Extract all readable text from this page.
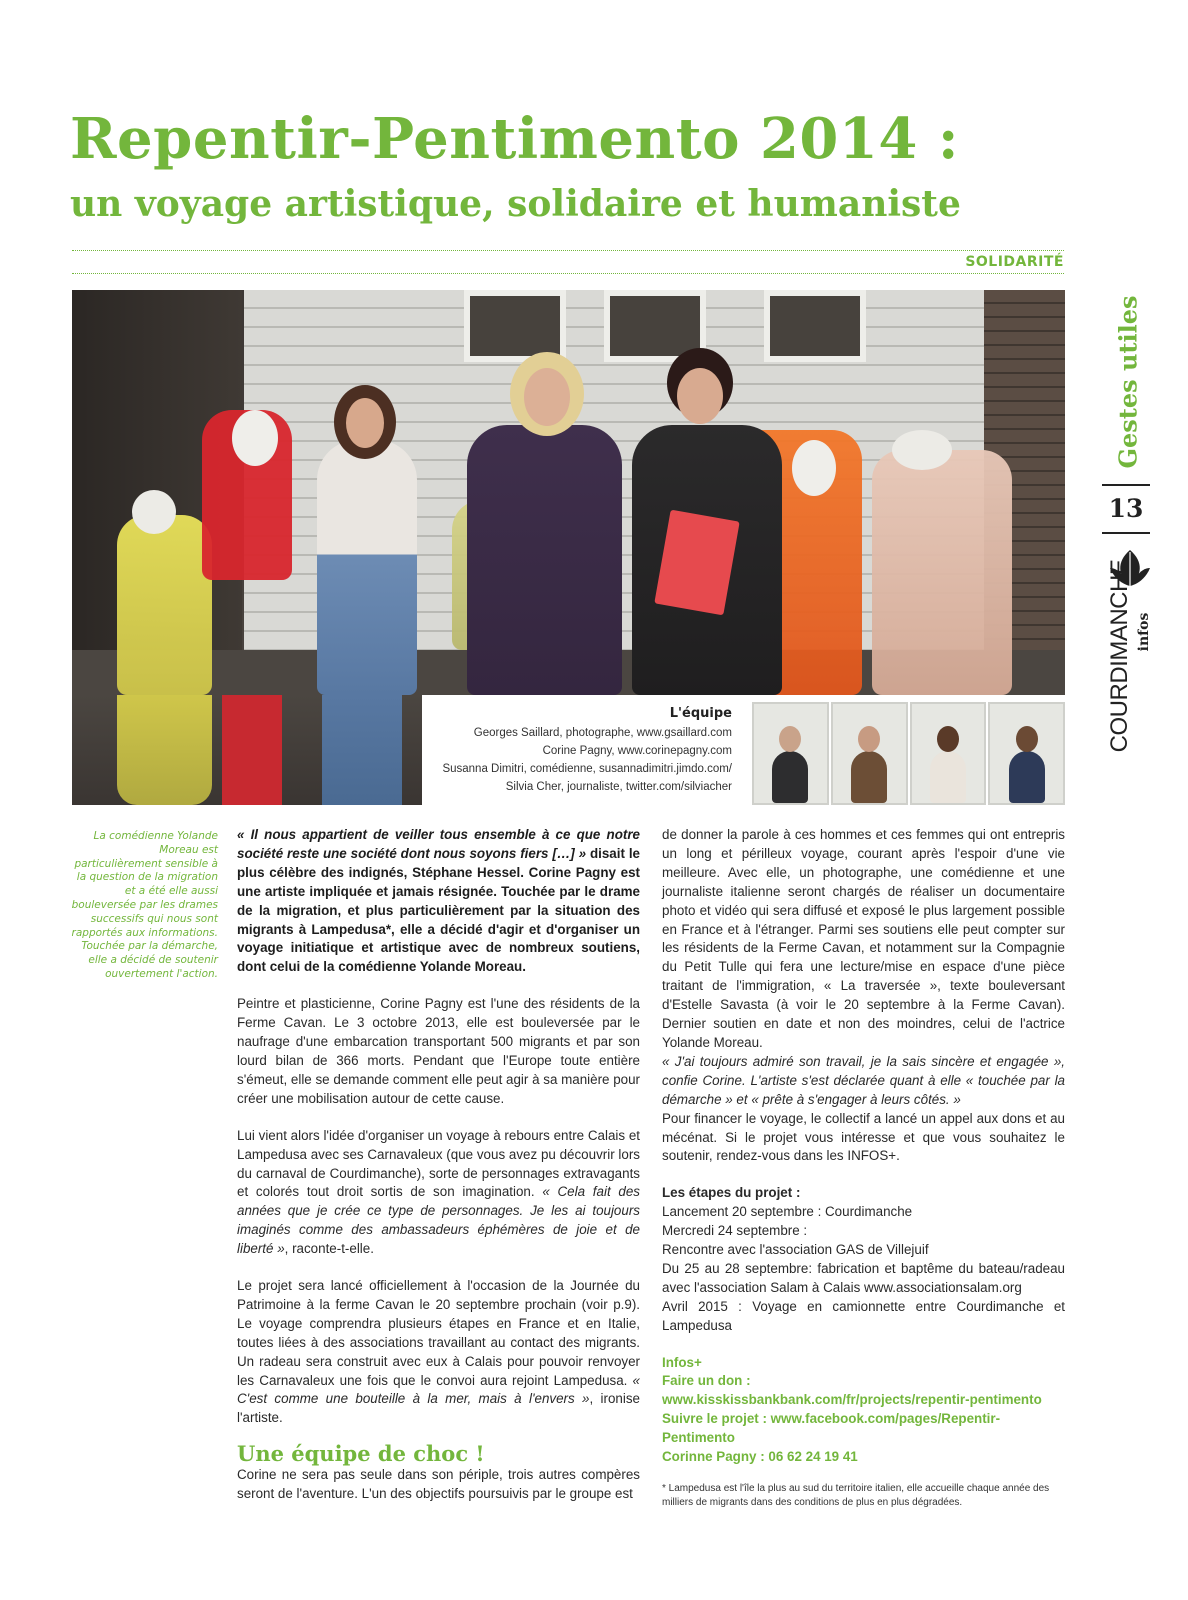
Repentir-Pentimento 2014 :
un voyage artistique, solidaire et humaniste
SOLIDARITÉ
Gestes utiles
13
COURDIMANCHE infos
L'équipe
Georges Saillard, photographe, www.gsaillard.com
Corine Pagny, www.corinepagny.com
Susanna Dimitri, comédienne, susannadimitri.jimdo.com/
Silvia Cher, journaliste, twitter.com/silviacher
La comédienne Yolande Moreau est particulièrement sensible à la question de la migration et a été elle aussi bouleversée par les drames successifs qui nous sont rapportés aux informations. Touchée par la démarche, elle a décidé de soutenir ouvertement l'action.

« Il nous appartient de veiller tous ensemble à ce que notre société reste une société dont nous soyons fiers […] » disait le plus célèbre des indignés, Stéphane Hessel. Corine Pagny est une artiste impliquée et jamais résignée. Touchée par le drame de la migration, et plus particulièrement par la situation des migrants à Lampedusa*, elle a décidé d'agir et d'organiser un voyage initiatique et artistique avec de nombreux soutiens, dont celui de la comédienne Yolande Moreau.

Peintre et plasticienne, Corine Pagny est l'une des résidents de la Ferme Cavan. Le 3 octobre 2013, elle est bouleversée par le naufrage d'une embarcation transportant 500 migrants et par son lourd bilan de 366 morts. Pendant que l'Europe toute entière s'émeut, elle se demande comment elle peut agir à sa manière pour créer une mobilisation autour de cette cause.

Lui vient alors l'idée d'organiser un voyage à rebours entre Calais et Lampedusa avec ses Carnavaleux (que vous avez pu découvrir lors du carnaval de Courdimanche), sorte de personnages extravagants et colorés tout droit sortis de son imagination. « Cela fait des années que je crée ce type de personnages. Je les ai toujours imaginés comme des ambassadeurs éphémères de joie et de liberté », raconte-t-elle.

Le projet sera lancé officiellement à l'occasion de la Journée du Patrimoine à la ferme Cavan le 20 septembre prochain (voir p.9). Le voyage comprendra plusieurs étapes en France et en Italie, toutes liées à des associations travaillant au contact des migrants. Un radeau sera construit avec eux à Calais pour pouvoir renvoyer les Carnavaleux une fois que le convoi aura rejoint Lampedusa. « C'est comme une bouteille à la mer, mais à l'envers », ironise l'artiste.

Une équipe de choc !

Corine ne sera pas seule dans son périple, trois autres compères seront de l'aventure. L'un des objectifs poursuivis par le groupe est

de donner la parole à ces hommes et ces femmes qui ont entrepris un long et périlleux voyage, courant après l'espoir d'une vie meilleure. Avec elle, un photographe, une comédienne et une journaliste italienne seront chargés de réaliser un documentaire photo et vidéo qui sera diffusé et exposé le plus largement possible en France et à l'étranger. Parmi ses soutiens elle peut compter sur les résidents de la Ferme Cavan, et notamment sur la Compagnie du Petit Tulle qui fera une lecture/mise en espace d'une pièce traitant de l'immigration, « La traversée », texte bouleversant d'Estelle Savasta (à voir le 20 septembre à la Ferme Cavan). Dernier soutien en date et non des moindres, celui de l'actrice Yolande Moreau.

« J'ai toujours admiré son travail, je la sais sincère et engagée », confie Corine. L'artiste s'est déclarée quant à elle « touchée par la démarche » et « prête à s'engager à leurs côtés. »

Pour financer le voyage, le collectif a lancé un appel aux dons et au mécénat. Si le projet vous intéresse et que vous souhaitez le soutenir, rendez-vous dans les INFOS+.

Les étapes du projet :

Lancement 20 septembre : Courdimanche

Mercredi 24 septembre :

Rencontre avec l'association GAS de Villejuif

Du 25 au 28 septembre: fabrication et baptême du bateau/radeau avec l'association Salam à Calais www.associationsalam.org

Avril 2015 : Voyage en camionnette entre Courdimanche et Lampedusa

Infos+

Faire un don :

www.kisskissbankbank.com/fr/projects/repentir-pentimento

Suivre le projet : www.facebook.com/pages/Repentir-Pentimento

Corinne Pagny : 06 62 24 19 41

* Lampedusa est l'île la plus au sud du territoire italien, elle accueille chaque année des milliers de migrants dans des conditions de plus en plus dégradées.
